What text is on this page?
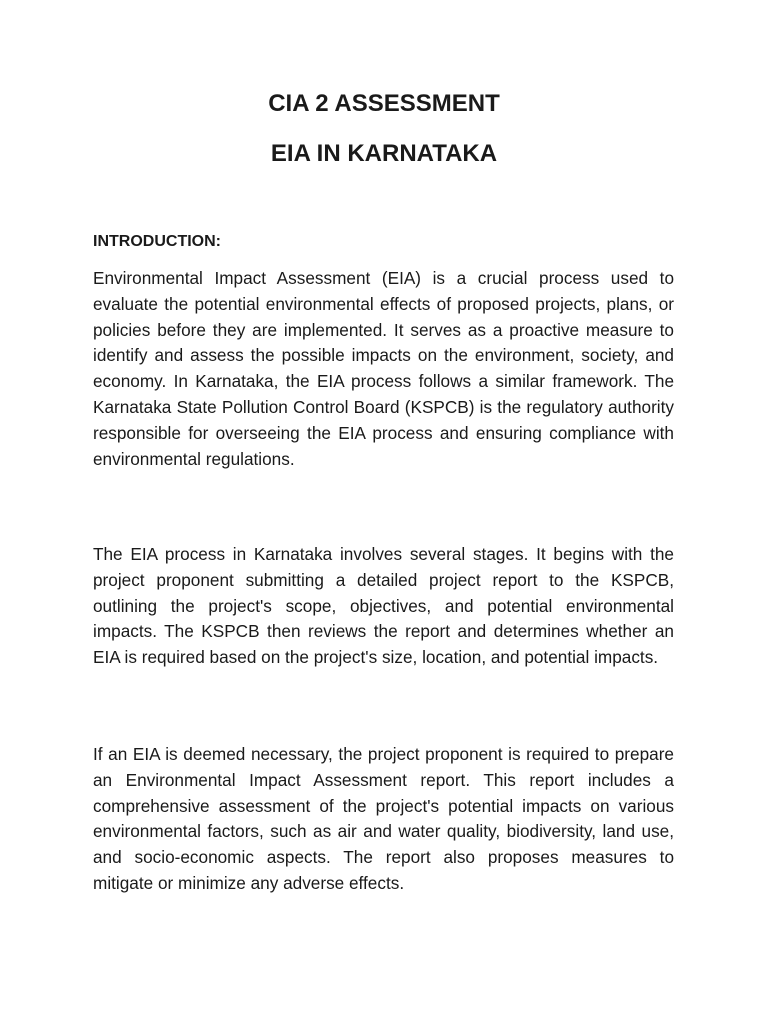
CIA 2 ASSESSMENT
EIA IN KARNATAKA
INTRODUCTION:

Environmental Impact Assessment (EIA) is a crucial process used to evaluate the potential environmental effects of proposed projects, plans, or policies before they are implemented. It serves as a proactive measure to identify and assess the possible impacts on the environment, society, and economy. In Karnataka, the EIA process follows a similar framework. The Karnataka State Pollution Control Board (KSPCB) is the regulatory authority responsible for overseeing the EIA process and ensuring compliance with environmental regulations.

The EIA process in Karnataka involves several stages. It begins with the project proponent submitting a detailed project report to the KSPCB, outlining the project's scope, objectives, and potential environmental impacts. The KSPCB then reviews the report and determines whether an EIA is required based on the project's size, location, and potential impacts.

If an EIA is deemed necessary, the project proponent is required to prepare an Environmental Impact Assessment report. This report includes a comprehensive assessment of the project's potential impacts on various environmental factors, such as air and water quality, biodiversity, land use, and socio-economic aspects. The report also proposes measures to mitigate or minimize any adverse effects.
